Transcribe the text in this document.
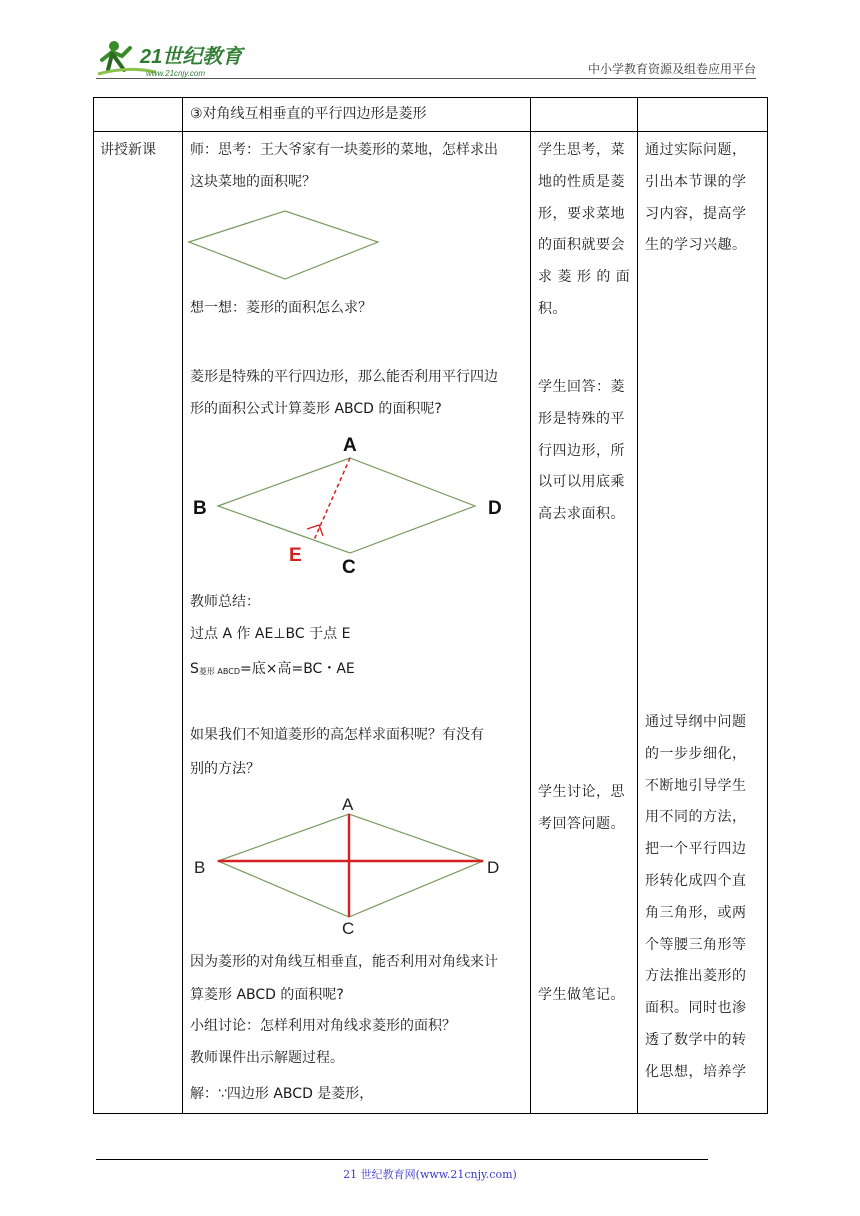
21世纪教育
www.21cnjy.com	中小学教育资源及组卷应用平台
③对角线互相垂直的平行四边形是菱形
讲授新课 师：思考：王大爷家有一块菱形的菜地，怎样求出
这块菜地的面积呢？
想一想：菱形的面积怎么求？
菱形是特殊的平行四边形，那么能否利用平行四边
形的面积公式计算菱形 ABCD 的面积呢?
A
B
C
D
E
教师总结：
过点 A 作 AE⊥BC 于点 E
$S_{菱形 ABCD}=$底×高=BC・AE
如果我们不知道菱形的高怎样求面积呢？有没有
别的方法？
A
B
C
D
因为菱形的对角线互相垂直，能否利用对角线来计
算菱形 ABCD 的面积呢?
小组讨论：怎样利用对角线求菱形的面积？
教师课件出示解题过程。
解：∵四边形 ABCD 是菱形，
学生思考，菜
地的性质是菱
形，要求菜地
的面积就要会
求 菱 形 的 面
积。
学生回答：菱
形是特殊的平
行四边形，所
以可以用底乘
高去求面积。
学生讨论，思
考回答问题。
学生做笔记。
通过实际问题，
引出本节课的学
习内容，提高学
生的学习兴趣。
通过导纲中问题
的一步步细化，
不断地引导学生
用不同的方法，
把一个平行四边
形转化成四个直
角三角形，或两
个等腰三角形等
方法推出菱形的
面积。同时也渗
透了数学中的转
化思想，培养学
21 世纪教育网(www.21cnjy.com)
